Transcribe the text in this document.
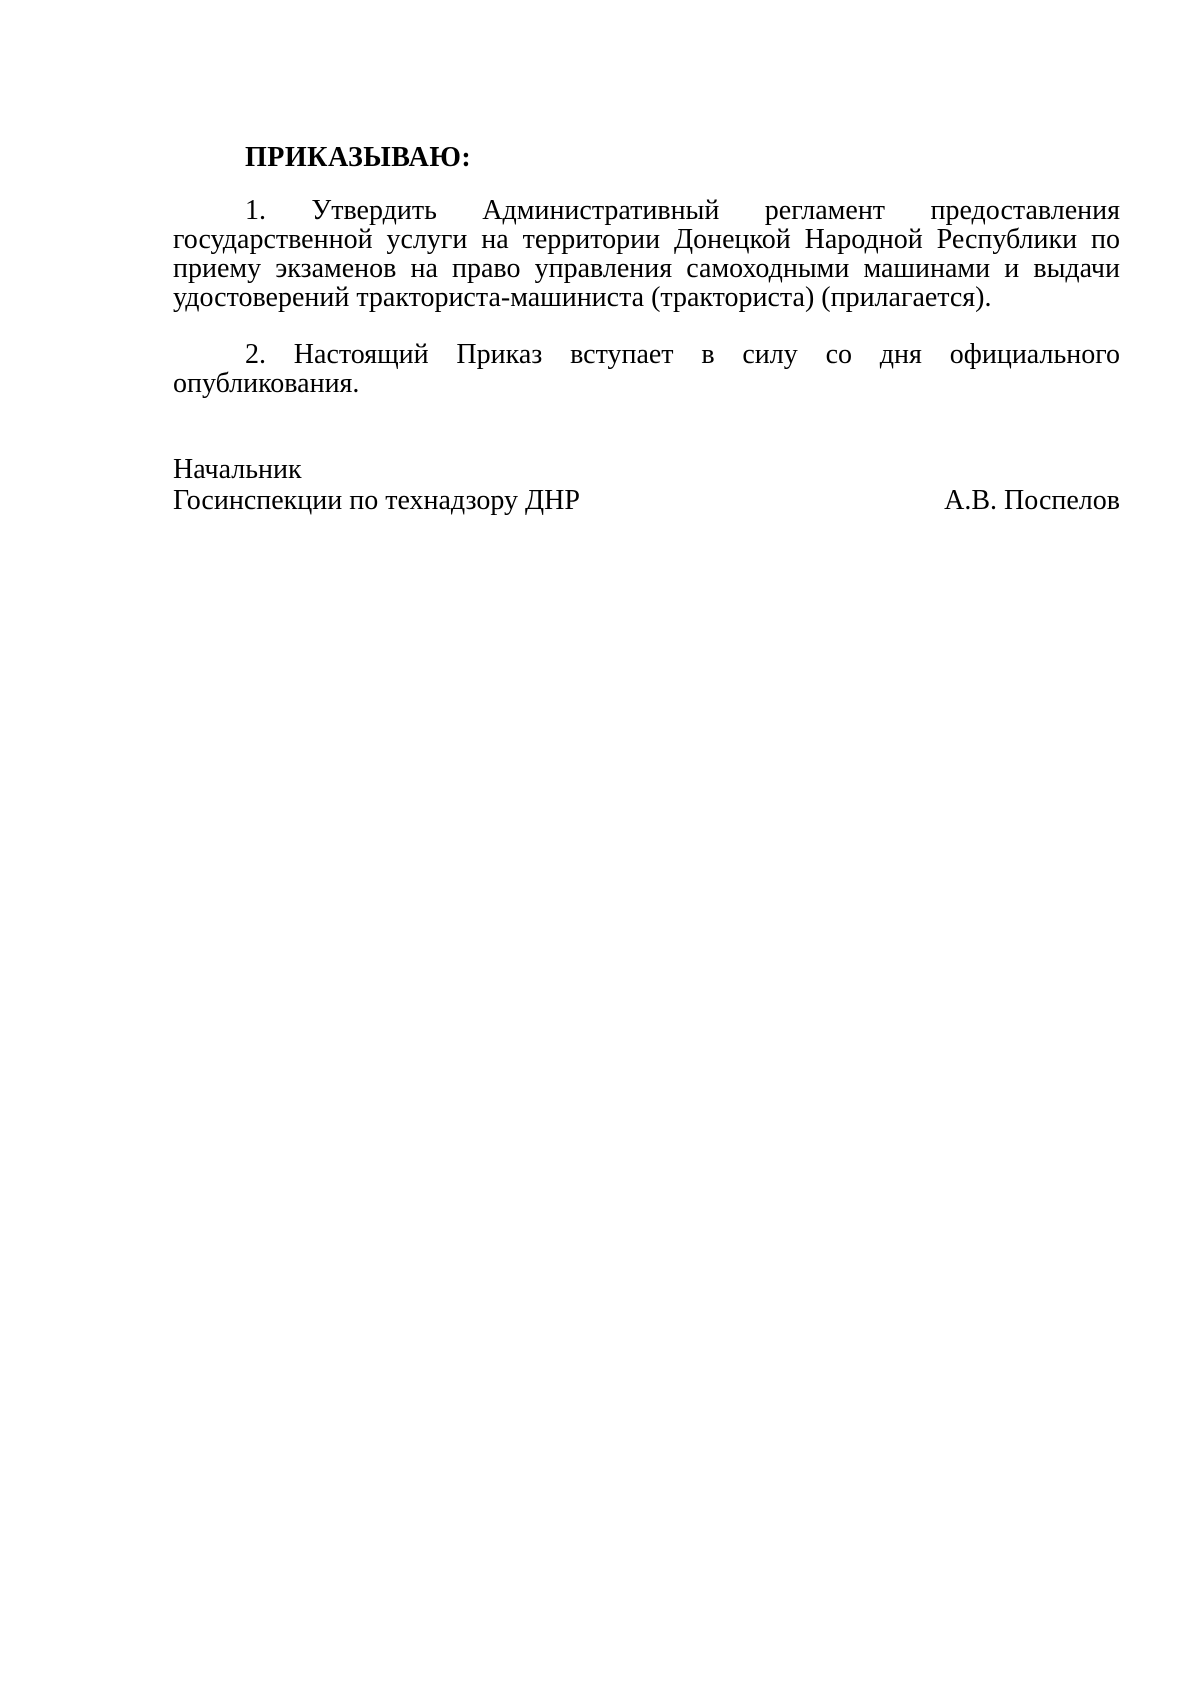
ПРИКАЗЫВАЮ:

1. Утвердить Административный регламент предоставления государственной услуги на территории Донецкой Народной Республики по приему экзаменов на право управления самоходными машинами и выдачи удостоверений тракториста-машиниста (тракториста) (прилагается).

2. Настоящий Приказ вступает в силу со дня официального опубликования.

Начальник
Госинспекции по технадзору ДНР	А.В. Поспелов
